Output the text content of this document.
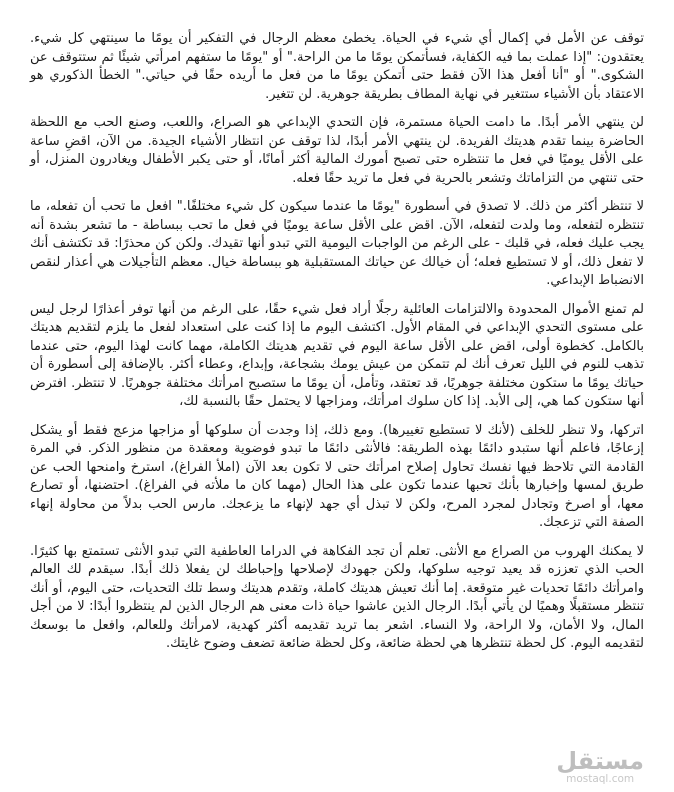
توقف عن الأمل في إكمال أي شيء في الحياة. يخطئ معظم الرجال في التفكير أن يومًا ما سينتهي كل شيء. يعتقدون: "إذا عملت بما فيه الكفاية، فسأتمكن يومًا ما من الراحة." أو "يومًا ما ستفهم امرأتي شيئًا ثم ستتوقف عن الشكوى." أو "أنا أفعل هذا الآن فقط حتى أتمكن يومًا ما من فعل ما أريده حقًا في حياتي." الخطأ الذكوري هو الاعتقاد بأن الأشياء ستتغير في نهاية المطاف بطريقة جوهرية. لن تتغير.

لن ينتهي الأمر أبدًا. ما دامت الحياة مستمرة، فإن التحدي الإبداعي هو الصراع، واللعب، وصنع الحب مع اللحظة الحاضرة بينما تقدم هديتك الفريدة. لن ينتهي الأمر أبدًا، لذا توقف عن انتظار الأشياء الجيدة. من الآن، اقضِ ساعة على الأقل يوميًا في فعل ما تنتظره حتى تصبح أمورك المالية أكثر أمانًا، أو حتى يكبر الأطفال ويغادرون المنزل، أو حتى تنتهي من التزاماتك وتشعر بالحرية في فعل ما تريد حقًا فعله.

لا تنتظر أكثر من ذلك. لا تصدق في أسطورة "يومًا ما عندما سيكون كل شيء مختلفًا." افعل ما تحب أن تفعله، ما تنتظره لتفعله، وما ولدت لتفعله، الآن. اقض على الأقل ساعة يوميًا في فعل ما تحب ببساطة - ما تشعر بشدة أنه يجب عليك فعله، في قلبك - على الرغم من الواجبات اليومية التي تبدو أنها تقيدك. ولكن كن محذرًا: قد تكتشف أنك لا تفعل ذلك، أو لا تستطيع فعله؛ أن خيالك عن حياتك المستقبلية هو ببساطة خيال. معظم التأجيلات هي أعذار لنقص الانضباط الإبداعي.

لم تمنع الأموال المحدودة والالتزامات العائلية رجلًا أراد فعل شيء حقًا، على الرغم من أنها توفر أعذارًا لرجل ليس على مستوى التحدي الإبداعي في المقام الأول. اكتشف اليوم ما إذا كنت على استعداد لفعل ما يلزم لتقديم هديتك بالكامل. كخطوة أولى، اقض على الأقل ساعة اليوم في تقديم هديتك الكاملة، مهما كانت لهذا اليوم، حتى عندما تذهب للنوم في الليل تعرف أنك لم تتمكن من عيش يومك بشجاعة، وإبداع، وعطاء أكثر. بالإضافة إلى أسطورة أن حياتك يومًا ما ستكون مختلفة جوهريًا، قد تعتقد، وتأمل، أن يومًا ما ستصبح امرأتك مختلفة جوهريًا. لا تنتظر. افترض أنها ستكون كما هي، إلى الأبد. إذا كان سلوك امرأتك، ومزاجها لا يحتمل حقًا بالنسبة لك،

اتركها، ولا تنظر للخلف (لأنك لا تستطيع تغييرها). ومع ذلك، إذا وجدت أن سلوكها أو مزاجها مزعج فقط أو يشكل إزعاجًا، فاعلم أنها ستبدو دائمًا بهذه الطريقة: فالأنثى دائمًا ما تبدو فوضوية ومعقدة من منظور الذكر. في المرة القادمة التي تلاحظ فيها نفسك تحاول إصلاح امرأتك حتى لا تكون بعد الآن (املأ الفراغ)، استرخ وامنحها الحب عن طريق لمسها وإخبارها بأنك تحبها عندما تكون على هذا الحال (مهما كان ما ملأته في الفراغ). احتضنها، أو تصارع معها، أو اصرخ وتجادل لمجرد المرح، ولكن لا تبذل أي جهد لإنهاء ما يزعجك. مارس الحب بدلاً من محاولة إنهاء الصفة التي تزعجك.

لا يمكنك الهروب من الصراع مع الأنثى. تعلم أن تجد الفكاهة في الدراما العاطفية التي تبدو الأنثى تستمتع بها كثيرًا. الحب الذي تعززه قد يعيد توجيه سلوكها، ولكن جهودك لإصلاحها وإحباطك لن يفعلا ذلك أبدًا. سيقدم لك العالم وامرأتك دائمًا تحديات غير متوقعة. إما أنك تعيش هديتك كاملة، وتقدم هديتك وسط تلك التحديات، حتى اليوم، أو أنك تنتظر مستقبلًا وهميًا لن يأتي أبدًا. الرجال الذين عاشوا حياة ذات معنى هم الرجال الذين لم ينتظروا أبدًا: لا من أجل المال، ولا الأمان، ولا الراحة، ولا النساء. اشعر بما تريد تقديمه أكثر كهدية، لامرأتك وللعالم، وافعل ما بوسعك لتقديمه اليوم. كل لحظة تنتظرها هي لحظة ضائعة، وكل لحظة ضائعة تضعف وضوح غايتك.

مستقل
mostaql.com
